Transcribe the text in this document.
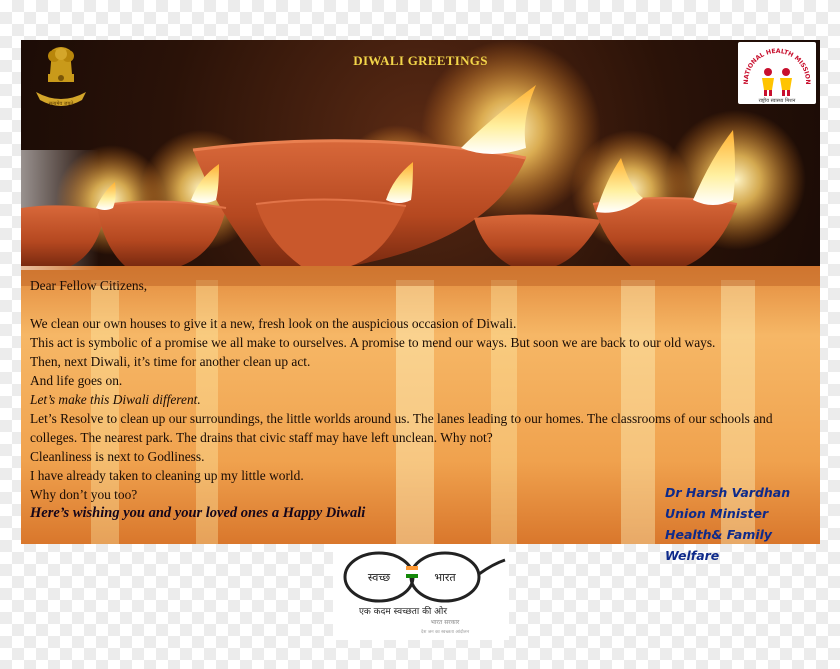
DIWALI GREETINGS
सत्यमेव जयते
NATIONAL HEALTH MISSION
राष्ट्रीय स्वास्थ्य मिशन

Dear Fellow Citizens,

We clean our own houses to give it a new, fresh look on the auspicious occasion of Diwali.

This act is symbolic of a promise we all make to ourselves. A promise to mend our ways. But soon we are back to our old ways.

Then, next Diwali, it’s time for another clean up act.

And life goes on.

Let’s make this Diwali different.

Let’s Resolve to clean up our surroundings, the little worlds around us. The lanes leading to our homes. The classrooms of our schools and colleges. The nearest park. The drains that civic staff may have left unclean. Why not?

Cleanliness is next to Godliness.

I have already taken to cleaning up my little world.

Why don’t you too?

Here’s wishing you and your loved ones a Happy Diwali

Dr Harsh Vardhan
Union Minister
Health& Family Welfare
स्वच्छ	भारत
एक कदम स्वच्छता की ओर
भारत सरकार
देश जन का स्वच्छता आंदोलन
